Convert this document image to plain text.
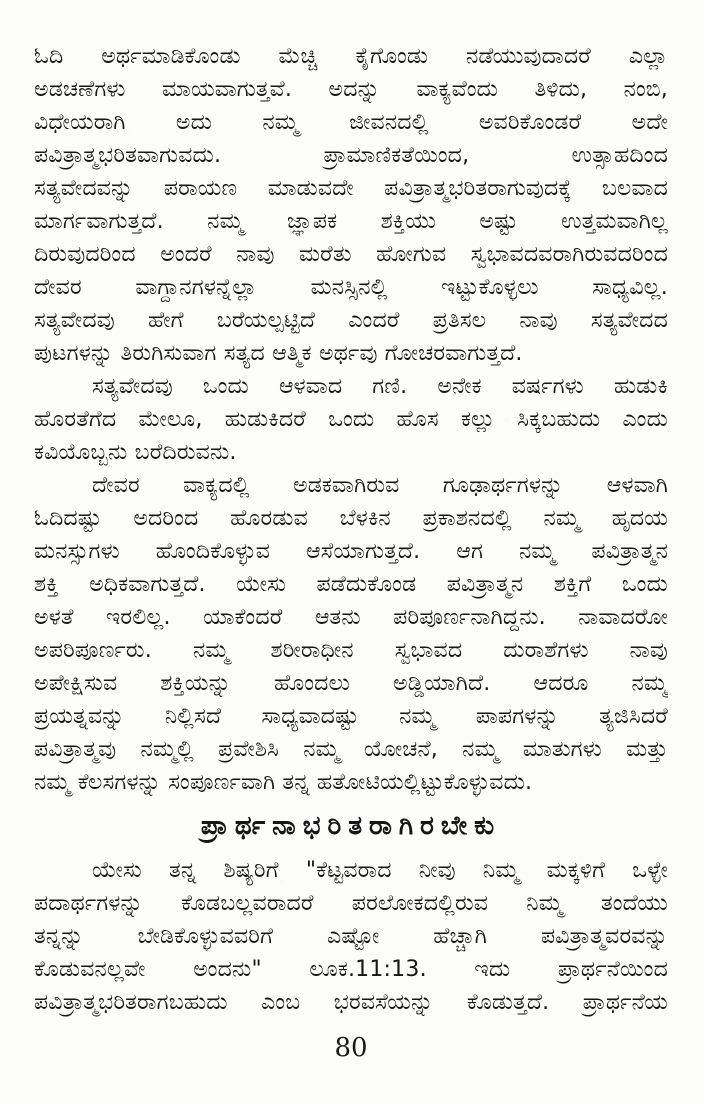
ಓದಿ ಅರ್ಥಮಾಡಿಕೊಂಡು ಮೆಚ್ಚಿ ಕೈಗೊಂಡು ನಡೆಯುವುದಾದರೆ ಎಲ್ಲಾ
ಅಡಚಣೆಗಳು ಮಾಯವಾಗುತ್ತವೆ. ಅದನ್ನು ವಾಕ್ಯವೆಂದು ತಿಳಿದು, ನಂಬಿ,
ವಿಧೇಯರಾಗಿ ಅದು ನಮ್ಮ ಜೀವನದಲ್ಲಿ ಅವರಿಕೊಂಡರೆ ಅದೇ
ಪವಿತ್ರಾತ್ಮಭರಿತವಾಗುವದು. ಪ್ರಾಮಾಣಿಕತೆಯಿಂದ, ಉತ್ಸಾಹದಿಂದ
ಸತ್ಯವೇದವನ್ನು ಪರಾಯಣ ಮಾಡುವದೇ ಪವಿತ್ರಾತ್ಮಭರಿತರಾಗುವುದಕ್ಕೆ ಬಲವಾದ
ಮಾರ್ಗವಾಗುತ್ತದೆ. ನಮ್ಮ ಜ್ಞಾಪಕ ಶಕ್ತಿಯು ಅಷ್ಟು ಉತ್ತಮವಾಗಿಲ್ಲ
ದಿರುವುದರಿಂದ ಅಂದರೆ ನಾವು ಮರೆತು ಹೋಗುವ ಸ್ವಭಾವದವರಾಗಿರುವದರಿಂದ
ದೇವರ ವಾಗ್ದಾನಗಳನ್ನೆಲ್ಲಾ ಮನಸ್ಸಿನಲ್ಲಿ ಇಟ್ಟುಕೊಳ್ಳಲು ಸಾಧ್ಯವಿಲ್ಲ.
ಸತ್ಯವೇದವು ಹೇಗೆ ಬರೆಯಲ್ಪಟ್ಟಿದೆ ಎಂದರೆ ಪ್ರತಿಸಲ ನಾವು ಸತ್ಯವೇದದ
ಪುಟಗಳನ್ನು ತಿರುಗಿಸುವಾಗ ಸತ್ಯದ ಆತ್ಮಿಕ ಅರ್ಥವು ಗೋಚರವಾಗುತ್ತದೆ.
ಸತ್ಯವೇದವು ಒಂದು ಆಳವಾದ ಗಣಿ. ಅನೇಕ ವರ್ಷಗಳು ಹುಡುಕಿ
ಹೊರತೆಗೆದ ಮೇಲೂ, ಹುಡುಕಿದರೆ ಒಂದು ಹೊಸ ಕಲ್ಲು ಸಿಕ್ಕಬಹುದು ಎಂದು
ಕವಿಯೊಬ್ಬನು ಬರೆದಿರುವನು.
ದೇವರ ವಾಕ್ಯದಲ್ಲಿ ಅಡಕವಾಗಿರುವ ಗೂಢಾರ್ಥಗಳನ್ನು ಆಳವಾಗಿ
ಓದಿದಷ್ಟು ಅದರಿಂದ ಹೊರಡುವ ಬೆಳಕಿನ ಪ್ರಕಾಶನದಲ್ಲಿ ನಮ್ಮ ಹೃದಯ
ಮನಸ್ಸುಗಳು ಹೊಂದಿಕೊಳ್ಳುವ ಆಸೆಯಾಗುತ್ತದೆ. ಆಗ ನಮ್ಮ ಪವಿತ್ರಾತ್ಮನ
ಶಕ್ತಿ ಅಧಿಕವಾಗುತ್ತದೆ. ಯೇಸು ಪಡೆದುಕೊಂಡ ಪವಿತ್ರಾತ್ಮನ ಶಕ್ತಿಗೆ ಒಂದು
ಅಳತೆ ಇರಲಿಲ್ಲ. ಯಾಕೆಂದರೆ ಆತನು ಪರಿಪೂರ್ಣನಾಗಿದ್ದನು. ನಾವಾದರೋ
ಅಪರಿಪೂರ್ಣರು. ನಮ್ಮ ಶರೀರಾಧೀನ ಸ್ವಭಾವದ ದುರಾಶೆಗಳು ನಾವು
ಅಪೇಕ್ಷಿಸುವ ಶಕ್ತಿಯನ್ನು ಹೊಂದಲು ಅಡ್ಡಿಯಾಗಿದೆ. ಆದರೂ ನಮ್ಮ
ಪ್ರಯತ್ನವನ್ನು ನಿಲ್ಲಿಸದೆ ಸಾಧ್ಯವಾದಷ್ಟು ನಮ್ಮ ಪಾಪಗಳನ್ನು ತ್ಯಜಿಸಿದರೆ
ಪವಿತ್ರಾತ್ಮವು ನಮ್ಮಲ್ಲಿ ಪ್ರವೇಶಿಸಿ ನಮ್ಮ ಯೋಚನೆ, ನಮ್ಮ ಮಾತುಗಳು ಮತ್ತು
ನಮ್ಮ ಕೆಲಸಗಳನ್ನು ಸಂಪೂರ್ಣವಾಗಿ ತನ್ನ ಹತೋಟಿಯಲ್ಲಿಟ್ಟುಕೊಳ್ಳುವದು.
ಪ್ರಾರ್ಥನಾಭರಿತರಾಗಿರಬೇಕು
ಯೇಸು ತನ್ನ ಶಿಷ್ಯರಿಗೆ "ಕೆಟ್ಟವರಾದ ನೀವು ನಿಮ್ಮ ಮಕ್ಕಳಿಗೆ ಒಳ್ಳೇ
ಪದಾರ್ಥಗಳನ್ನು ಕೊಡಬಲ್ಲವರಾದರೆ ಪರಲೋಕದಲ್ಲಿರುವ ನಿಮ್ಮ ತಂದೆಯು
ತನ್ನನ್ನು ಬೇಡಿಕೊಳ್ಳುವವರಿಗೆ ಎಷ್ಟೋ ಹೆಚ್ಚಾಗಿ ಪವಿತ್ರಾತ್ಮವರವನ್ನು
ಕೊಡುವನಲ್ಲವೇ ಅಂದನು" ಲೂಕ.11:13. ಇದು ಪ್ರಾರ್ಥನೆಯಿಂದ
ಪವಿತ್ರಾತ್ಮಭರಿತರಾಗಬಹುದು ಎಂಬ ಭರವಸೆಯನ್ನು ಕೊಡುತ್ತದೆ. ಪ್ರಾರ್ಥನೆಯ
80
